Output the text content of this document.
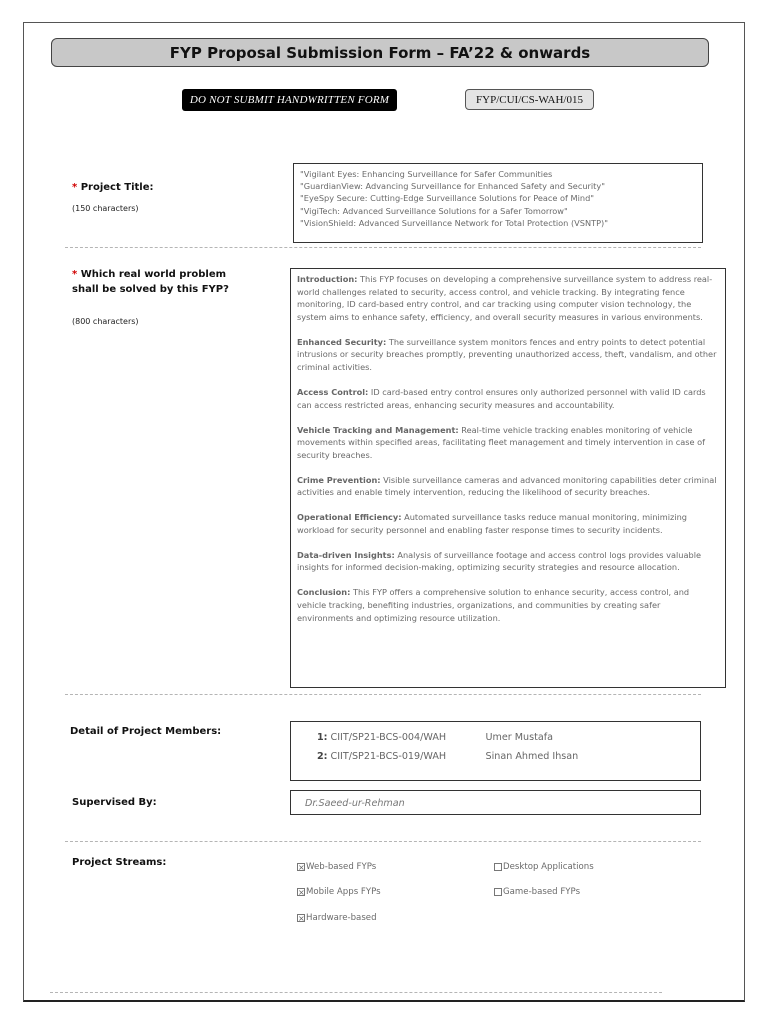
FYP Proposal Submission Form – FA’22 & onwards
DO NOT SUBMIT HANDWRITTEN FORM	FYP/CUI/CS-WAH/015
* Project Title:
(150 characters)
"Vigilant Eyes: Enhancing Surveillance for Safer Communities
"GuardianView: Advancing Surveillance for Enhanced Safety and Security"
"EyeSpy Secure: Cutting-Edge Surveillance Solutions for Peace of Mind"
"VigiTech: Advanced Surveillance Solutions for a Safer Tomorrow"
"VisionShield: Advanced Surveillance Network for Total Protection (VSNTP)"
* Which real world problem
shall be solved by this FYP?
(800 characters)

Introduction: This FYP focuses on developing a comprehensive surveillance system to address real-world challenges related to security, access control, and vehicle tracking. By integrating fence monitoring, ID card-based entry control, and car tracking using computer vision technology, the system aims to enhance safety, efficiency, and overall security measures in various environments.

Enhanced Security: The surveillance system monitors fences and entry points to detect potential intrusions or security breaches promptly, preventing unauthorized access, theft, vandalism, and other criminal activities.

Access Control: ID card-based entry control ensures only authorized personnel with valid ID cards can access restricted areas, enhancing security measures and accountability.

Vehicle Tracking and Management: Real-time vehicle tracking enables monitoring of vehicle movements within specified areas, facilitating fleet management and timely intervention in case of security breaches.

Crime Prevention: Visible surveillance cameras and advanced monitoring capabilities deter criminal activities and enable timely intervention, reducing the likelihood of security breaches.

Operational Efficiency: Automated surveillance tasks reduce manual monitoring, minimizing workload for security personnel and enabling faster response times to security incidents.

Data-driven Insights: Analysis of surveillance footage and access control logs provides valuable insights for informed decision-making, optimizing security strategies and resource allocation.

Conclusion: This FYP offers a comprehensive solution to enhance security, access control, and vehicle tracking, benefiting industries, organizations, and communities by creating safer environments and optimizing resource utilization.

Detail of Project Members:
1: CIIT/SP21-BCS-004/WAH	Umer Mustafa
2: CIIT/SP21-BCS-019/WAH	Sinan Ahmed Ihsan
Supervised By:	Dr.Saeed-ur-Rehman
Project Streams:	× Web-based FYPs	Desktop Applications
× Mobile Apps FYPs	Game-based FYPs
× Hardware-based
